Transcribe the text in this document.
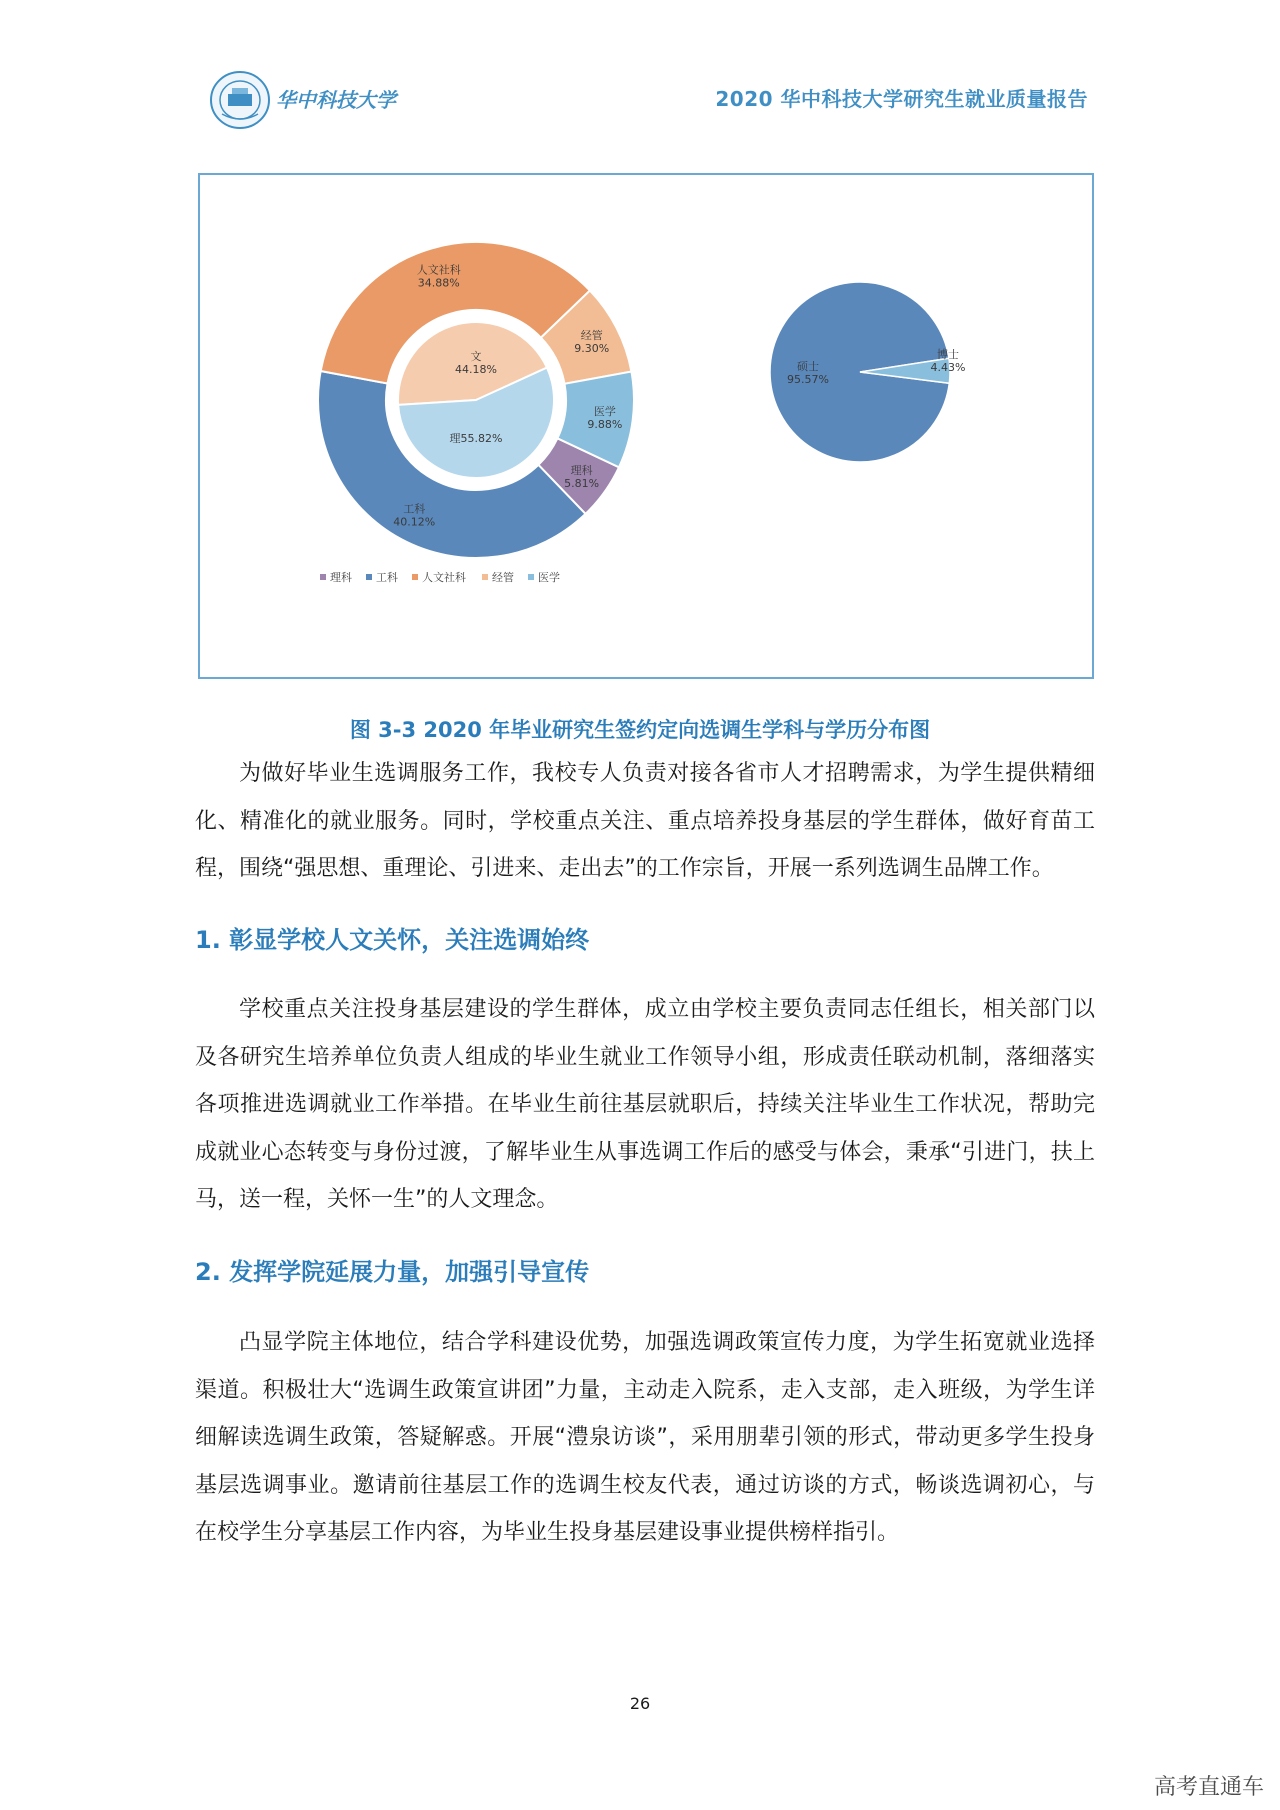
华中科技大学	2020 华中科技大学研究生就业质量报告
理科 5.81%
工科 40.12%
人文社科 34.88%
经管 9.30%
医学 9.88%
文 44.18%
理55.82%
理科 工科 人文社科 经管 医学
硕士 95.57%
博士 4.43%
图 3-3 2020 年毕业研究生签约定向选调生学科与学历分布图

为做好毕业生选调服务工作，我校专人负责对接各省市人才招聘需求，为学生提供精细化、精准化的就业服务。同时，学校重点关注、重点培养投身基层的学生群体，做好育苗工程，围绕“强思想、重理论、引进来、走出去”的工作宗旨，开展一系列选调生品牌工作。

1. 彰显学校人文关怀，关注选调始终

学校重点关注投身基层建设的学生群体，成立由学校主要负责同志任组长，相关部门以及各研究生培养单位负责人组成的毕业生就业工作领导小组，形成责任联动机制，落细落实各项推进选调就业工作举措。在毕业生前往基层就职后，持续关注毕业生工作状况，帮助完成就业心态转变与身份过渡，了解毕业生从事选调工作后的感受与体会，秉承“引进门，扶上马，送一程，关怀一生”的人文理念。

2. 发挥学院延展力量，加强引导宣传

凸显学院主体地位，结合学科建设优势，加强选调政策宣传力度，为学生拓宽就业选择渠道。积极壮大“选调生政策宣讲团”力量，主动走入院系，走入支部，走入班级，为学生详细解读选调生政策，答疑解惑。开展“澧泉访谈”，采用朋辈引领的形式，带动更多学生投身基层选调事业。邀请前往基层工作的选调生校友代表，通过访谈的方式，畅谈选调初心，与在校学生分享基层工作内容，为毕业生投身基层建设事业提供榜样指引。

26
高考直通车
